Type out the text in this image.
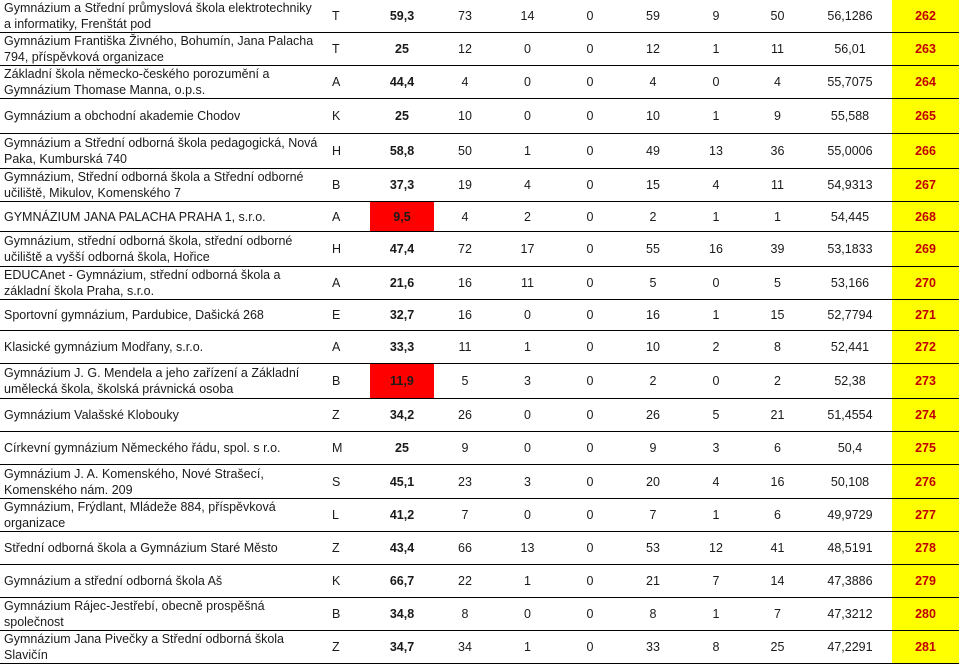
Gymnázium a Střední průmyslová škola elektrotechniky a informatiky, Frenštát pod	T	59,3	73	14	0	59	9	50	56,1286	262
Gymnázium Františka Živného, Bohumín, Jana Palacha 794, příspěvková organizace	T	25	12	0	0	12	1	11	56,01	263
Základní škola německo-českého porozumění a Gymnázium Thomase Manna, o.p.s.	A	44,4	4	0	0	4	0	4	55,7075	264
Gymnázium a obchodní akademie Chodov	K	25	10	0	0	10	1	9	55,588	265
Gymnázium a Střední odborná škola pedagogická, Nová Paka, Kumburská 740	H	58,8	50	1	0	49	13	36	55,0006	266
Gymnázium, Střední odborná škola a Střední odborné učiliště, Mikulov, Komenského 7	B	37,3	19	4	0	15	4	11	54,9313	267
GYMNÁZIUM JANA PALACHA PRAHA 1, s.r.o.	A	9,5	4	2	0	2	1	1	54,445	268
Gymnázium, střední odborná škola, střední odborné učiliště a vyšší odborná škola, Hořice	H	47,4	72	17	0	55	16	39	53,1833	269
EDUCAnet - Gymnázium, střední odborná škola a základní škola Praha, s.r.o.	A	21,6	16	11	0	5	0	5	53,166	270
Sportovní gymnázium, Pardubice, Dašická 268	E	32,7	16	0	0	16	1	15	52,7794	271
Klasické gymnázium Modřany, s.r.o.	A	33,3	11	1	0	10	2	8	52,441	272
Gymnázium J. G. Mendela a jeho zařízení a Základní umělecká škola, školská právnická osoba	B	11,9	5	3	0	2	0	2	52,38	273
Gymnázium Valašské Klobouky	Z	34,2	26	0	0	26	5	21	51,4554	274
Církevní gymnázium Německého řádu, spol. s r.o.	M	25	9	0	0	9	3	6	50,4	275
Gymnázium J. A. Komenského, Nové Strašecí, Komenského nám. 209	S	45,1	23	3	0	20	4	16	50,108	276
Gymnázium, Frýdlant, Mládeže 884, příspěvková organizace	L	41,2	7	0	0	7	1	6	49,9729	277
Střední odborná škola a Gymnázium Staré Město	Z	43,4	66	13	0	53	12	41	48,5191	278
Gymnázium a střední odborná škola Aš	K	66,7	22	1	0	21	7	14	47,3886	279
Gymnázium Rájec-Jestřebí, obecně prospěšná společnost	B	34,8	8	0	0	8	1	7	47,3212	280
Gymnázium Jana Pivečky a Střední odborná škola Slavičín	Z	34,7	34	1	0	33	8	25	47,2291	281
